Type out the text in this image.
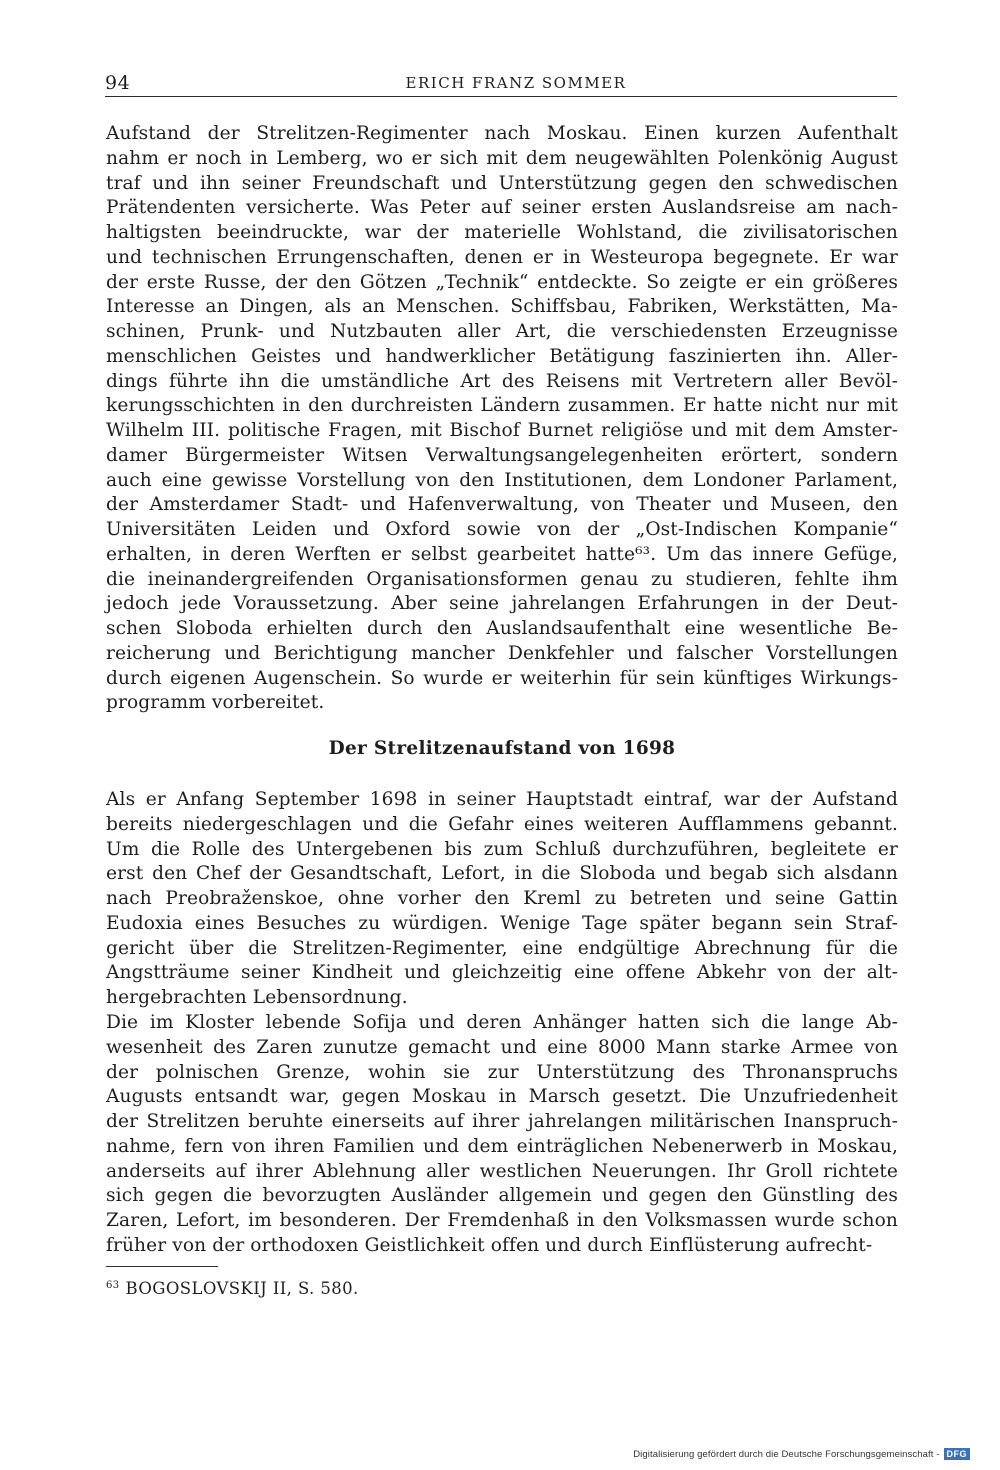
94	ERICH FRANZ SOMMER
Aufstand der Strelitzen-Regimenter nach Moskau. Einen kurzen Aufenthalt
nahm er noch in Lemberg, wo er sich mit dem neugewählten Polenkönig August
traf und ihn seiner Freundschaft und Unterstützung gegen den schwedischen
Prätendenten versicherte. Was Peter auf seiner ersten Auslandsreise am nach-
haltigsten beeindruckte, war der materielle Wohlstand, die zivilisatorischen
und technischen Errungenschaften, denen er in Westeuropa begegnete. Er war
der erste Russe, der den Götzen „Technik“ entdeckte. So zeigte er ein größeres
Interesse an Dingen, als an Menschen. Schiffsbau, Fabriken, Werkstätten, Ma-
schinen, Prunk- und Nutzbauten aller Art, die verschiedensten Erzeugnisse
menschlichen Geistes und handwerklicher Betätigung faszinierten ihn. Aller-
dings führte ihn die umständliche Art des Reisens mit Vertretern aller Bevöl-
kerungsschichten in den durchreisten Ländern zusammen. Er hatte nicht nur mit
Wilhelm III. politische Fragen, mit Bischof Burnet religiöse und mit dem Amster-
damer Bürgermeister Witsen Verwaltungsangelegenheiten erörtert, sondern
auch eine gewisse Vorstellung von den Institutionen, dem Londoner Parlament,
der Amsterdamer Stadt- und Hafenverwaltung, von Theater und Museen, den
Universitäten Leiden und Oxford sowie von der „Ost-Indischen Kompanie“
erhalten, in deren Werften er selbst gearbeitet hatte⁶³. Um das innere Gefüge,
die ineinandergreifenden Organisationsformen genau zu studieren, fehlte ihm
jedoch jede Voraussetzung. Aber seine jahrelangen Erfahrungen in der Deut-
schen Sloboda erhielten durch den Auslandsaufenthalt eine wesentliche Be-
reicherung und Berichtigung mancher Denkfehler und falscher Vorstellungen
durch eigenen Augenschein. So wurde er weiterhin für sein künftiges Wirkungs-
programm vorbereitet.
Der Strelitzenaufstand von 1698
Als er Anfang September 1698 in seiner Hauptstadt eintraf, war der Aufstand
bereits niedergeschlagen und die Gefahr eines weiteren Aufflammens gebannt.
Um die Rolle des Untergebenen bis zum Schluß durchzuführen, begleitete er
erst den Chef der Gesandtschaft, Lefort, in die Sloboda und begab sich alsdann
nach Preobraženskoe, ohne vorher den Kreml zu betreten und seine Gattin
Eudoxia eines Besuches zu würdigen. Wenige Tage später begann sein Straf-
gericht über die Strelitzen-Regimenter, eine endgültige Abrechnung für die
Angstträume seiner Kindheit und gleichzeitig eine offene Abkehr von der alt-
hergebrachten Lebensordnung.
Die im Kloster lebende Sofija und deren Anhänger hatten sich die lange Ab-
wesenheit des Zaren zunutze gemacht und eine 8000 Mann starke Armee von
der polnischen Grenze, wohin sie zur Unterstützung des Thronanspruchs
Augusts entsandt war, gegen Moskau in Marsch gesetzt. Die Unzufriedenheit
der Strelitzen beruhte einerseits auf ihrer jahrelangen militärischen Inanspruch-
nahme, fern von ihren Familien und dem einträglichen Nebenerwerb in Moskau,
anderseits auf ihrer Ablehnung aller westlichen Neuerungen. Ihr Groll richtete
sich gegen die bevorzugten Ausländer allgemein und gegen den Günstling des
Zaren, Lefort, im besonderen. Der Fremdenhaß in den Volksmassen wurde schon
früher von der orthodoxen Geistlichkeit offen und durch Einflüsterung aufrecht-
$^{63}$ BOGOSLOVSKIJ II, S. 580.
Digitalisierung gefördert durch die Deutsche Forschungsgemeinschaft - DFG
